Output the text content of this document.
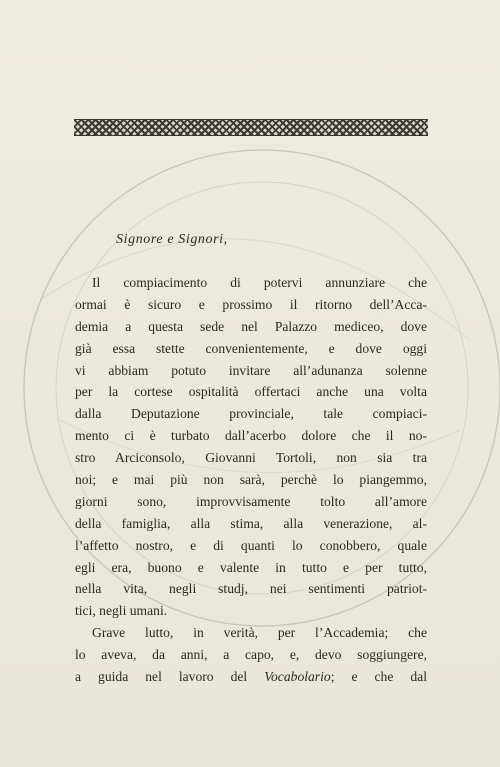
Signore e Signori,

Il compiacimento di potervi annunziare che
ormai è sicuro e prossimo il ritorno dell’Acca-
demia a questa sede nel Palazzo mediceo, dove
già essa stette convenientemente, e dove oggi
vi abbiam potuto invitare all’adunanza solenne
per la cortese ospitalità offertaci anche una volta
dalla Deputazione provinciale, tale compiaci-
mento ci è turbato dall’acerbo dolore che il no-
stro Arciconsolo, Giovanni Tortoli, non sia tra
noi; e mai più non sarà, perchè lo piangemmo,
giorni sono, improvvisamente tolto all’amore
della famiglia, alla stima, alla venerazione, al-
l’affetto nostro, e di quanti lo conobbero, quale
egli era, buono e valente in tutto e per tutto,
nella vita, negli studj, nei sentimenti patriot-
tici, negli umani.
Grave lutto, in verità, per l’Accademia; che
lo aveva, da anni, a capo, e, devo soggiungere,
a guida nel lavoro del Vocabolario; e che dal
